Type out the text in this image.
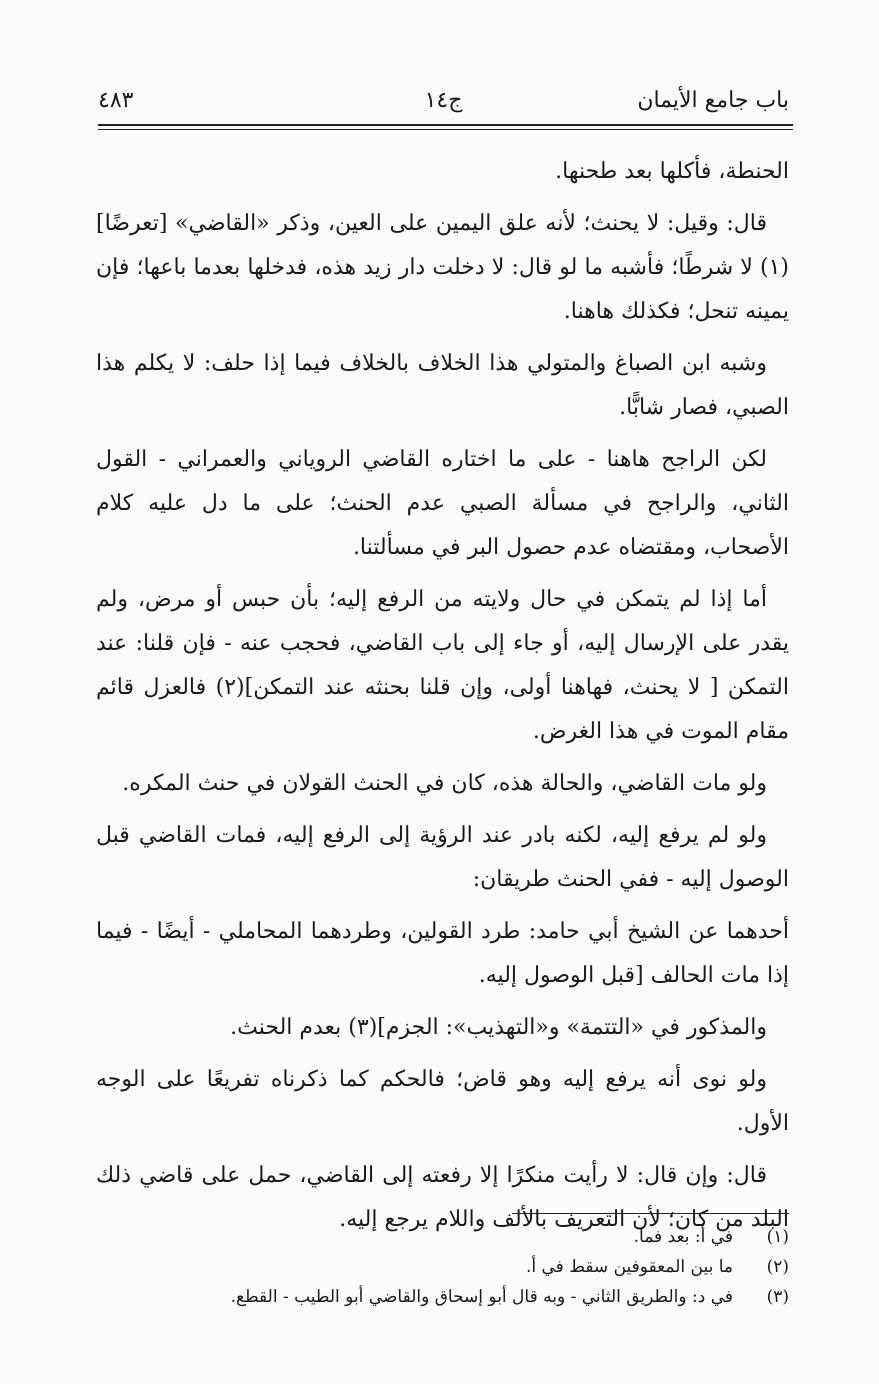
باب جامع الأيمان
ج١٤
٤٨٣

الحنطة، فأكلها بعد طحنها.

قال: وقيل: لا يحنث؛ لأنه علق اليمين على العين، وذكر «القاضي» [تعرضًا](١) لا شرطًا؛ فأشبه ما لو قال: لا دخلت دار زيد هذه، فدخلها بعدما باعها؛ فإن يمينه تنحل؛ فكذلك هاهنا.

وشبه ابن الصباغ والمتولي هذا الخلاف بالخلاف فيما إذا حلف: لا يكلم هذا الصبي، فصار شابًّا.

لكن الراجح هاهنا - على ما اختاره القاضي الروياني والعمراني - القول الثاني، والراجح في مسألة الصبي عدم الحنث؛ على ما دل عليه كلام الأصحاب، ومقتضاه عدم حصول البر في مسألتنا.

أما إذا لم يتمكن في حال ولايته من الرفع إليه؛ بأن حبس أو مرض، ولم يقدر على الإرسال إليه، أو جاء إلى باب القاضي، فحجب عنه - فإن قلنا: عند التمكن [ لا يحنث، فهاهنا أولى، وإن قلنا بحنثه عند التمكن](٢) فالعزل قائم مقام الموت في هذا الغرض.

ولو مات القاضي، والحالة هذه، كان في الحنث القولان في حنث المكره.

ولو لم يرفع إليه، لكنه بادر عند الرؤية إلى الرفع إليه، فمات القاضي قبل الوصول إليه - ففي الحنث طريقان:

أحدهما عن الشيخ أبي حامد: طرد القولين، وطردهما المحاملي - أيضًا - فيما إذا مات الحالف [قبل الوصول إليه.

والمذكور في «التتمة» و«التهذيب»: الجزم](٣) بعدم الحنث.

ولو نوى أنه يرفع إليه وهو قاض؛ فالحكم كما ذكرناه تفريعًا على الوجه الأول.

قال: وإن قال: لا رأيت منكرًا إلا رفعته إلى القاضي، حمل على قاضي ذلك البلد من كان؛ لأن التعريف بالألف واللام يرجع إليه.

(١)في أ: بعد فما.
(٢)ما بين المعقوفين سقط في أ.
(٣)في د: والطريق الثاني - وبه قال أبو إسحاق والقاضي أبو الطيب - القطع.
